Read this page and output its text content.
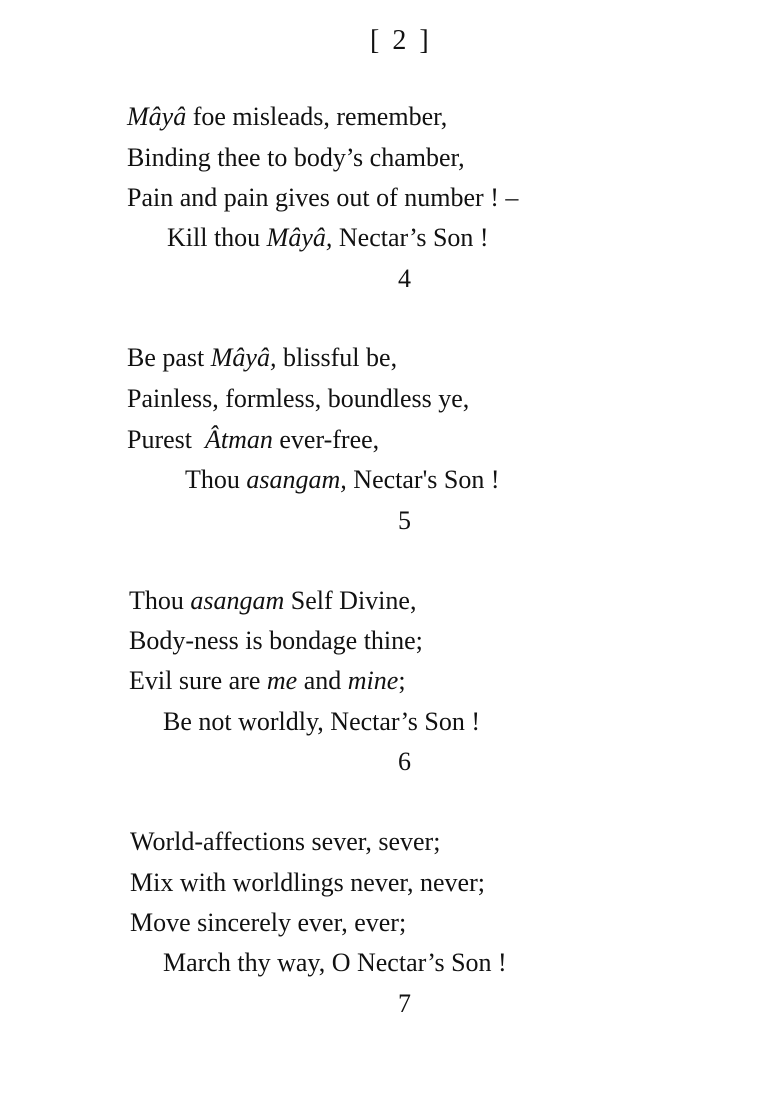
[ 2 ]
Mâyâ foe misleads, remember,
Binding thee to body’s chamber,
Pain and pain gives out of number ! –
Kill thou Mâyâ, Nectar’s Son !
4
Be past Mâyâ, blissful be,
Painless, formless, boundless ye,
Purest  Âtman ever-free,
Thou asangam, Nectar's Son !
5
Thou asangam Self Divine,
Body-ness is bondage thine;
Evil sure are me and mine;
Be not worldly, Nectar’s Son !
6
World-affections sever, sever;
Mix with worldlings never, never;
Move sincerely ever, ever;
March thy way, O Nectar’s Son !
7
